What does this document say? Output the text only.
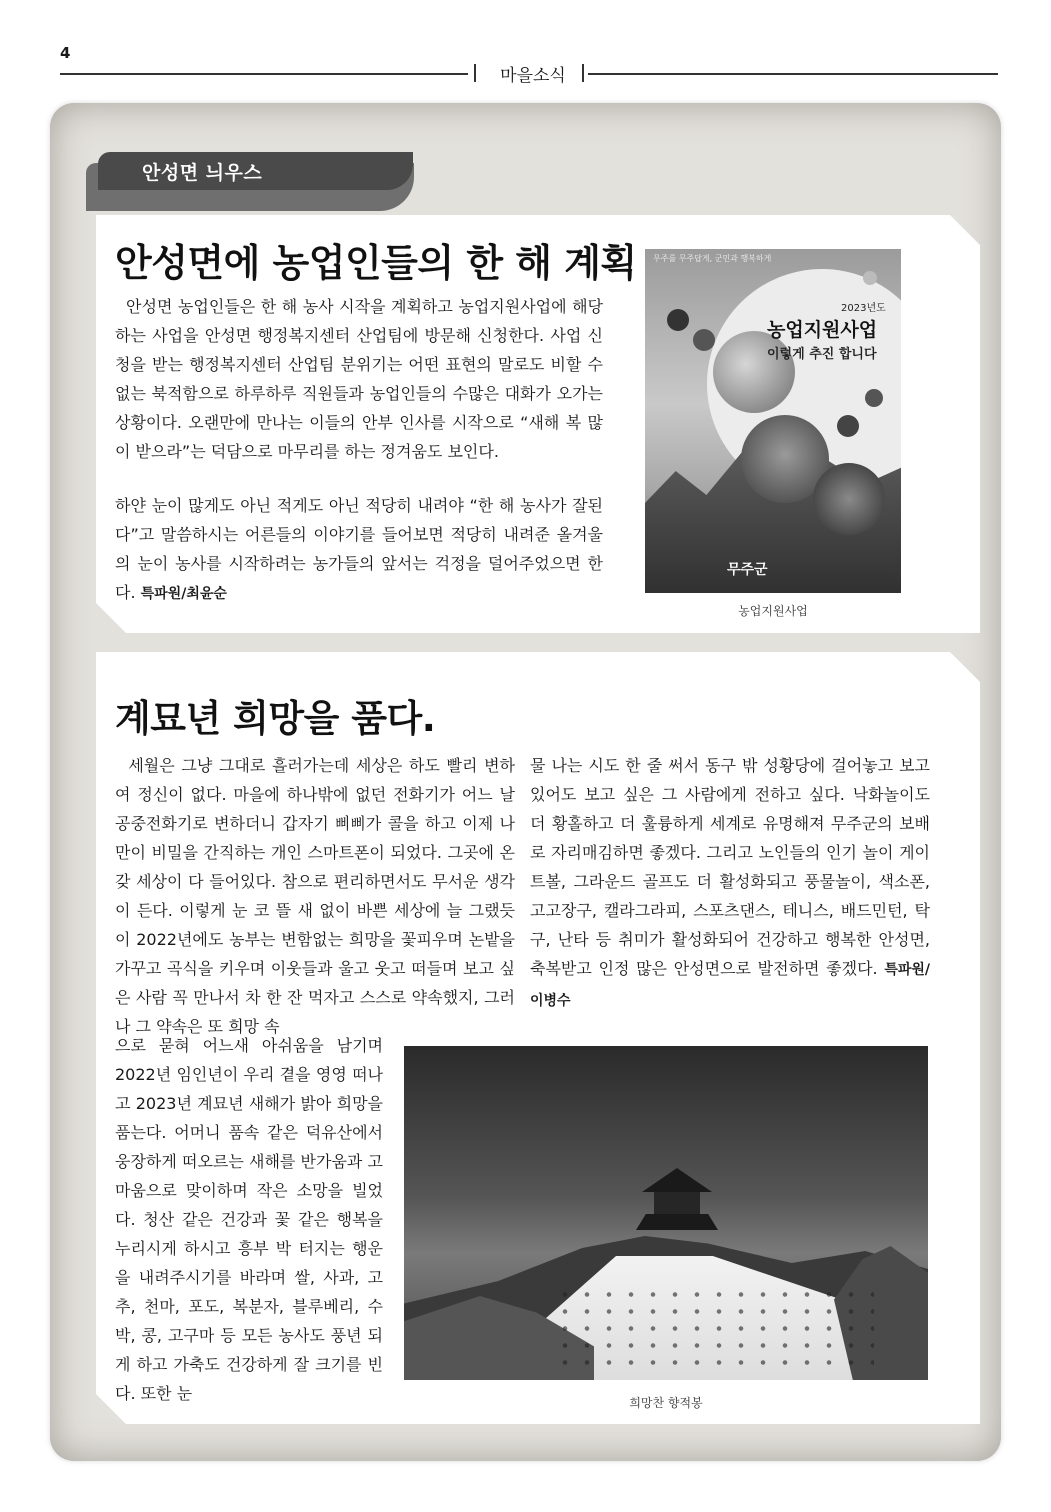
4
마을소식
안성면 늬우스
안성면에 농업인들의 한 해 계획
안성면 농업인들은 한 해 농사 시작을 계획하고 농업지원사업에 해당하는 사업을 안성면 행정복지센터 산업팀에 방문해 신청한다. 사업 신청을 받는 행정복지센터 산업팀 분위기는 어떤 표현의 말로도 비할 수 없는 북적함으로 하루하루 직원들과 농업인들의 수많은 대화가 오가는 상황이다. 오랜만에 만나는 이들의 안부 인사를 시작으로 “새해 복 많이 받으라”는 덕담으로 마무리를 하는 정겨움도 보인다.
하얀 눈이 많게도 아닌 적게도 아닌 적당히 내려야 “한 해 농사가 잘된다”고 말씀하시는 어른들의 이야기를 들어보면 적당히 내려준 올겨울의 눈이 농사를 시작하려는 농가들의 앞서는 걱정을 덜어주었으면 한다. 특파원/최윤순
무주를 무주답게, 군민과 행복하게
2023년도
농업지원사업
이렇게 추진 합니다
무주군
농업지원사업
계묘년 희망을 품다.
세월은 그냥 그대로 흘러가는데 세상은 하도 빨리 변하여 정신이 없다. 마을에 하나밖에 없던 전화기가 어느 날 공중전화기로 변하더니 갑자기 삐삐가 콜을 하고 이제 나만이 비밀을 간직하는 개인 스마트폰이 되었다. 그곳에 온갖 세상이 다 들어있다. 참으로 편리하면서도 무서운 생각이 든다. 이렇게 눈 코 뜰 새 없이 바쁜 세상에 늘 그랬듯이 2022년에도 농부는 변함없는 희망을 꽃피우며 논밭을 가꾸고 곡식을 키우며 이웃들과 울고 웃고 떠들며 보고 싶은 사람 꼭 만나서 차 한 잔 먹자고 스스로 약속했지, 그러나 그 약속은 또 희망 속
으로 묻혀 어느새 아쉬움을 남기며 2022년 임인년이 우리 곁을 영영 떠나고 2023년 계묘년 새해가 밝아 희망을 품는다. 어머니 품속 같은 덕유산에서 웅장하게 떠오르는 새해를 반가움과 고마움으로 맞이하며 작은 소망을 빌었다. 청산 같은 건강과 꽃 같은 행복을 누리시게 하시고 흥부 박 터지는 행운을 내려주시기를 바라며 쌀, 사과, 고추, 천마, 포도, 복분자, 블루베리, 수박, 콩, 고구마 등 모든 농사도 풍년 되게 하고 가축도 건강하게 잘 크기를 빈다. 또한 눈
물 나는 시도 한 줄 써서 동구 밖 성황당에 걸어놓고 보고 있어도 보고 싶은 그 사람에게 전하고 싶다. 낙화놀이도 더 황홀하고 더 훌륭하게 세계로 유명해져 무주군의 보배로 자리매김하면 좋겠다. 그리고 노인들의 인기 놀이 게이트볼, 그라운드 골프도 더 활성화되고 풍물놀이, 색소폰, 고고장구, 캘라그라피, 스포츠댄스, 테니스, 배드민턴, 탁구, 난타 등 취미가 활성화되어 건강하고 행복한 안성면, 축복받고 인정 많은 안성면으로 발전하면 좋겠다. 특파원/이병수
희망찬 향적봉
